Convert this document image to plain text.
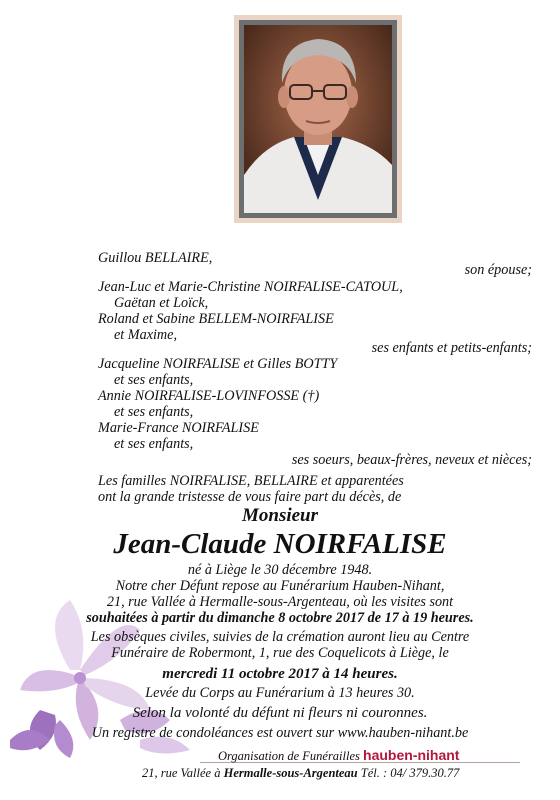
Guillou BELLAIRE,
son épouse;
Jean-Luc et Marie-Christine NOIRFALISE-CATOUL,
Gaëtan et Loïck,
Roland et Sabine BELLEM-NOIRFALISE
et Maxime,
ses enfants et petits-enfants;
Jacqueline NOIRFALISE et Gilles BOTTY
et ses enfants,
Annie NOIRFALISE-LOVINFOSSE (†)
et ses enfants,
Marie-France NOIRFALISE
et ses enfants,
ses soeurs, beaux-frères, neveux et nièces;
Les familles NOIRFALISE, BELLAIRE et apparentées
ont la grande tristesse de vous faire part du décès, de
Monsieur
Jean-Claude NOIRFALISE
né à Liège le 30 décembre 1948.
Notre cher Défunt repose au Funérarium Hauben-Nihant,
21, rue Vallée à Hermalle-sous-Argenteau, où les visites sont
souhaitées à partir du dimanche 8 octobre 2017 de 17 à 19 heures.
Les obsèques civiles, suivies de la crémation auront lieu au Centre
Funéraire de Robermont, 1, rue des Coquelicots à Liège, le
mercredi 11 octobre 2017 à 14 heures.
Levée du Corps au Funérarium à 13 heures 30.
Selon la volonté du défunt ni fleurs ni couronnes.
Un registre de condoléances est ouvert sur www.hauben-nihant.be
Organisation de Funérailles hauben-nihant
21, rue Vallée à Hermalle-sous-Argenteau Tél. : 04/ 379.30.77
